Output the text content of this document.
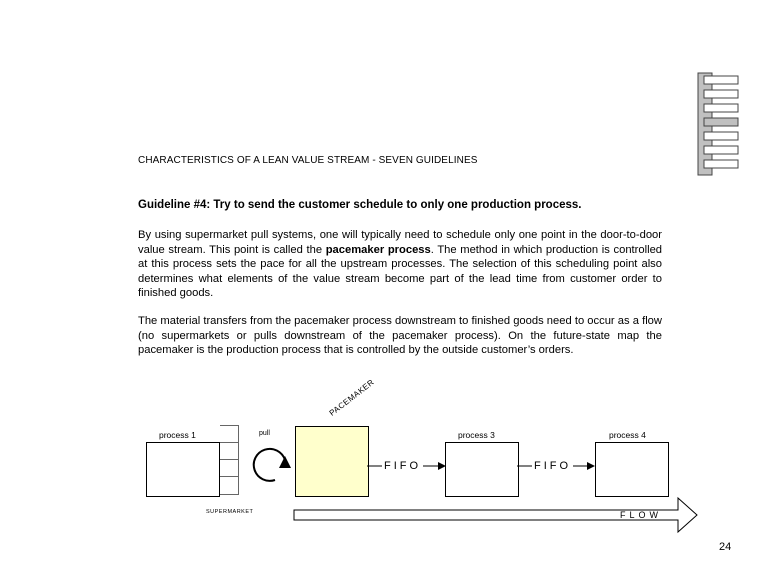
CHARACTERISTICS OF A LEAN VALUE STREAM - SEVEN GUIDELINES
Guideline #4: Try to send the customer schedule to only one production process.
By using supermarket pull systems, one will typically need to schedule only one point in the door-to-door value stream. This point is called the pacemaker process. The method in which production is controlled at this process sets the pace for all the upstream processes. The selection of this scheduling point also determines what elements of the value stream become part of the lead time from customer order to finished goods.
The material transfers from the pacemaker process downstream to finished goods need to occur as a flow (no supermarkets or pulls downstream of the pacemaker process). On the future-state map the pacemaker is the production process that is controlled by the outside customer’s orders.
PACEMAKER
process 1	process 3	process 4
pull
SUPERMARKET
FIFO	FIFO
FLOW
24
